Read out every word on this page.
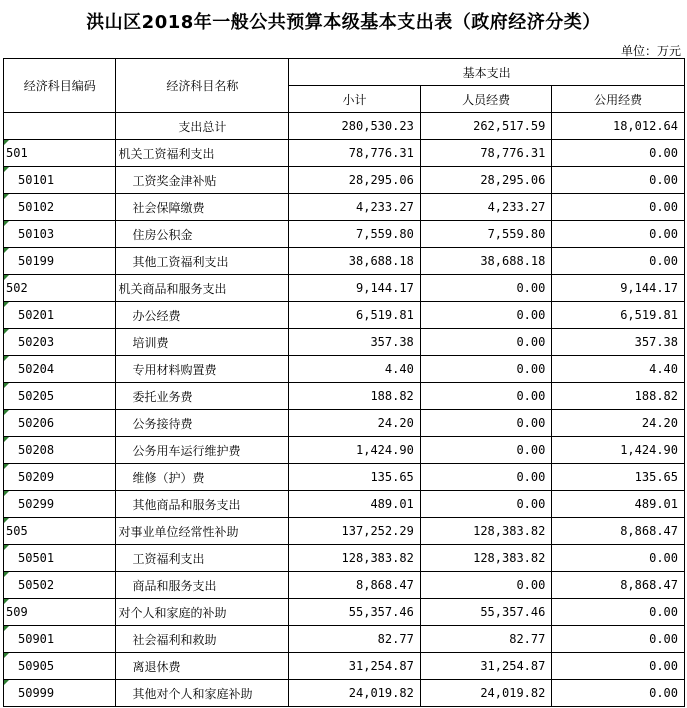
洪山区2018年一般公共预算本级基本支出表（政府经济分类）
单位：万元
经济科目编码	经济科目名称	基本支出		
		小计	人员经费	公用经费
	支出总计	280,530.23	262,517.59	18,012.64
501	机关工资福利支出	78,776.31	78,776.31	0.00
50101	工资奖金津补贴	28,295.06	28,295.06	0.00
50102	社会保障缴费	4,233.27	4,233.27	0.00
50103	住房公积金	7,559.80	7,559.80	0.00
50199	其他工资福利支出	38,688.18	38,688.18	0.00
502	机关商品和服务支出	9,144.17	0.00	9,144.17
50201	办公经费	6,519.81	0.00	6,519.81
50203	培训费	357.38	0.00	357.38
50204	专用材料购置费	4.40	0.00	4.40
50205	委托业务费	188.82	0.00	188.82
50206	公务接待费	24.20	0.00	24.20
50208	公务用车运行维护费	1,424.90	0.00	1,424.90
50209	维修（护）费	135.65	0.00	135.65
50299	其他商品和服务支出	489.01	0.00	489.01
505	对事业单位经常性补助	137,252.29	128,383.82	8,868.47
50501	工资福利支出	128,383.82	128,383.82	0.00
50502	商品和服务支出	8,868.47	0.00	8,868.47
509	对个人和家庭的补助	55,357.46	55,357.46	0.00
50901	社会福利和救助	82.77	82.77	0.00
50905	离退休费	31,254.87	31,254.87	0.00
50999	其他对个人和家庭补助	24,019.82	24,019.82	0.00
